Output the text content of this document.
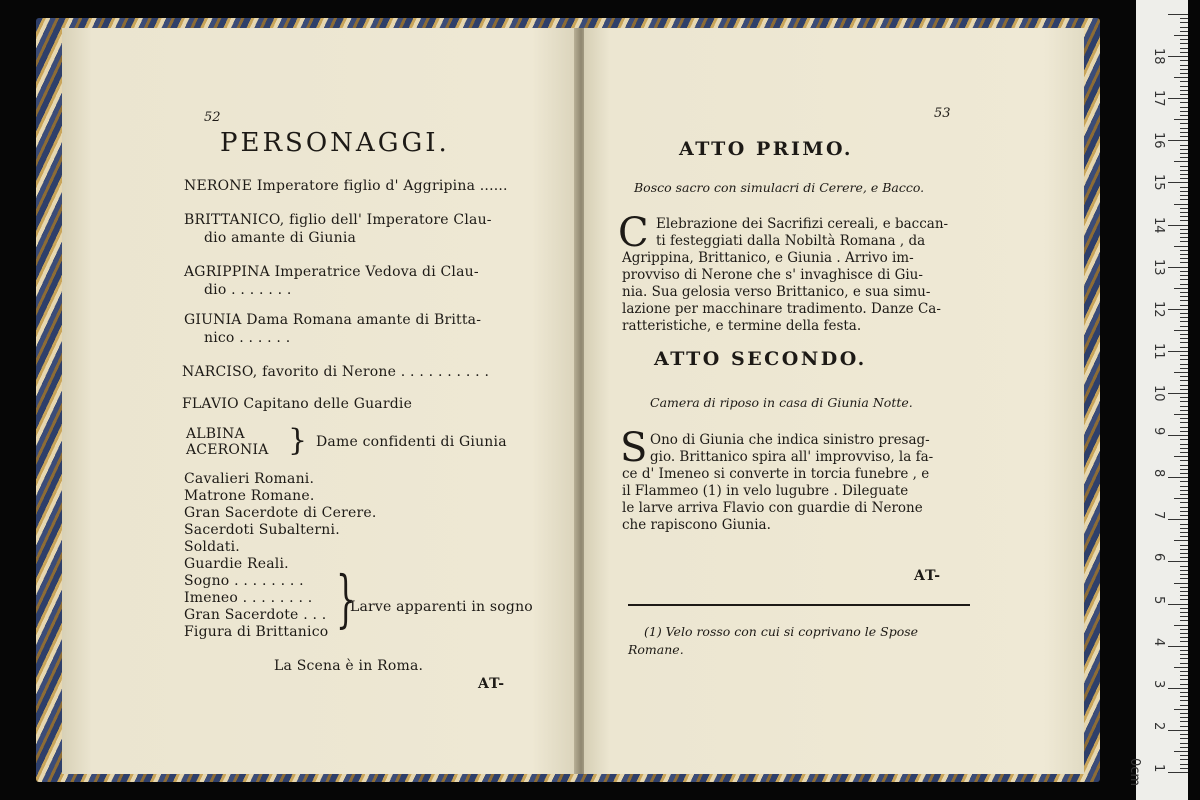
52
PERSONAGGI.
NERONE Imperatore figlio d' Aggripina ......
BRITTANICO, figlio dell' Imperatore Clau-
dio amante di Giunia
AGRIPPINA Imperatrice Vedova di Clau-
dio . . . . . . .
GIUNIA Dama Romana amante di Britta-
nico . . . . . .
NARCISO, favorito di Nerone . . . . . . . . . .
FLAVIO Capitano delle Guardie
ALBINA
ACERONIA } Dame confidenti di Giunia
Cavalieri Romani.
Matrone Romane.
Gran Sacerdote di Cerere.
Sacerdoti Subalterni.
Soldati.
Guardie Reali.
Sogno . . . . . . . .
Imeneo . . . . . . . .
Gran Sacerdote . . .
Figura di Brittanico }
Larve apparenti in sogno
La Scena è in Roma.
AT-
53
ATTO PRIMO.
Bosco sacro con simulacri di Cerere, e Bacco.
C Elebrazione dei Sacrifizi cereali, e baccan-
ti festeggiati dalla Nobiltà Romana , da
Agrippina, Brittanico, e Giunia . Arrivo im-
provviso di Nerone che s' invaghisce di Giu-
nia. Sua gelosia verso Brittanico, e sua simu-
lazione per macchinare tradimento. Danze Ca-
ratteristiche, e termine della festa.
ATTO SECONDO.
Camera di riposo in casa di Giunia Notte.
S Ono di Giunia che indica sinistro presag-
gio. Brittanico spira all' improvviso, la fa-
ce d' Imeneo si converte in torcia funebre , e
il Flammeo (1) in velo lugubre . Dileguate
le larve arriva Flavio con guardie di Nerone
che rapiscono Giunia.
AT-
(1) Velo rosso con cui si coprivano le Spose
Romane.
0cm
18
17
16
15
14
13
12
11
10
9
8
7
6
5
4
3
2
1
